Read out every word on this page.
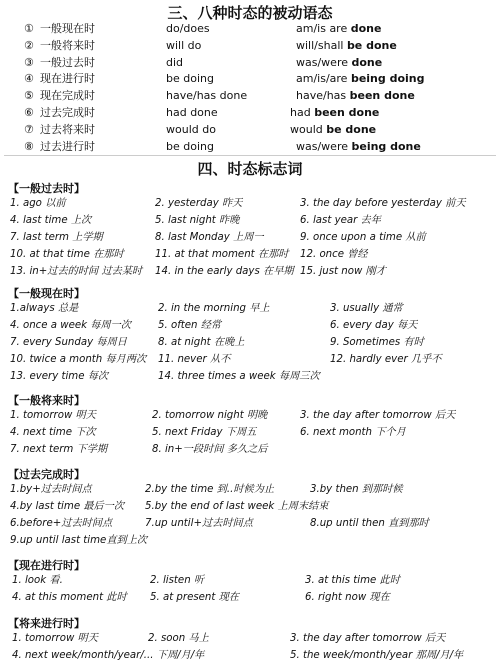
三、八种时态的被动语态
① 一般现在时	do/does	am/is are done
② 一般将来时	will do	will/shall be done
③ 一般过去时	did	was/were done
④ 现在进行时	be doing	am/is/are being doing
⑤ 现在完成时	have/has done	have/has been done
⑥ 过去完成时	had done	had been done
⑦ 过去将来时	would do	would be done
⑧ 过去进行时	be doing	was/were being done
四、时态标志词
【一般过去时】
1. ago 以前	2. yesterday 昨天	3. the day before yesterday 前天
4. last time 上次	5. last night 昨晚	6. last year 去年
7. last term 上学期	8. last Monday 上周一	9. once upon a time 从前
10. at that time 在那时	11. at that moment 在那时 12. once 曾经
13. in+过去的时间 过去某时 14. in the early days 在早期 15. just now 刚才
【一般现在时】
1.always 总是	2. in the morning 早上	3. usually 通常
4. once a week 每周一次	5. often 经常	6. every day 每天
7. every Sunday 每周日	8. at night 在晚上	9. Sometimes 有时
10. twice a month 每月两次 11. never 从不	12. hardly ever 几乎不
13. every time 每次	14. three times a week 每周三次
【一般将来时】
1. tomorrow 明天	2. tomorrow night 明晚	3. the day after tomorrow 后天
4. next time 下次	5. next Friday 下周五	6. next month 下个月
7. next term 下学期	8. in+一段时间 多久之后
【过去完成时】
1.by+过去时间点	2.by the time 到..时候为止	3.by then 到那时候
4.by last time 最后一次 5.by the end of last week 上周末结束
6.before+过去时间点	7.up until+过去时间点	8.up until then 直到那时
9.up until last time直到上次
【现在进行时】
1. look 看.	2. listen 听	3. at this time 此时
4. at this moment 此时 5. at present 现在	6. right now 现在
【将来进行时】
1. tomorrow 明天	2. soon 马上	3. the day after tomorrow 后天
4. next week/month/year/... 下周/月/年	5. the week/month/year 那周/月/年
